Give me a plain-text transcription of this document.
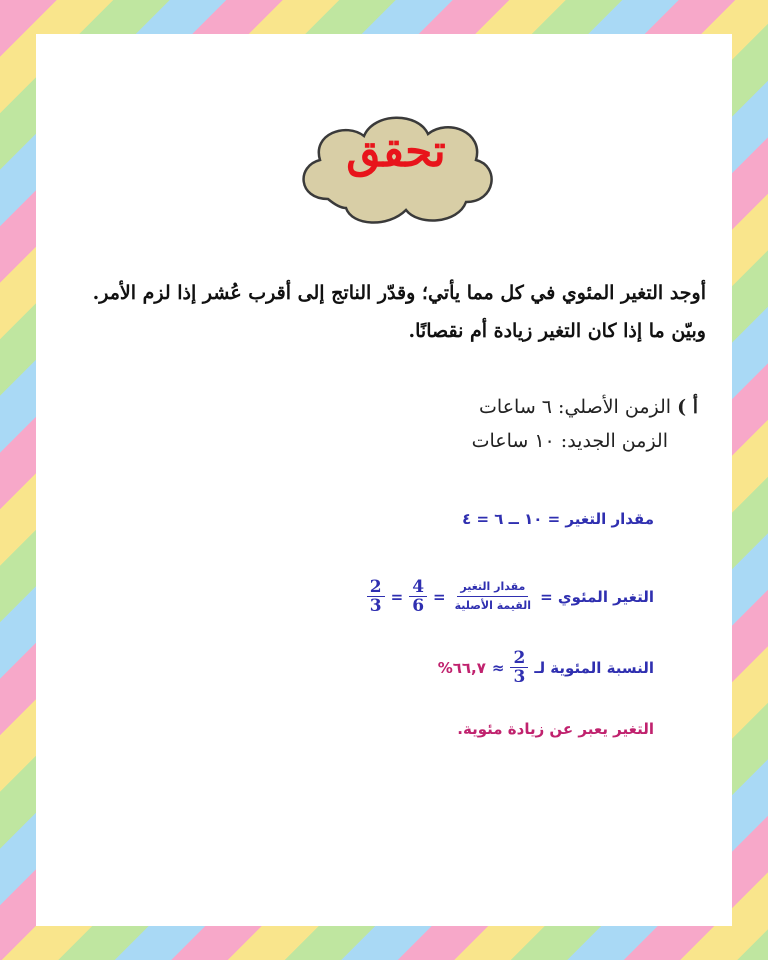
تحقق
أوجد التغير المئوي في كل مما يأتي؛ وقدّر الناتج إلى أقرب عُشر إذا لزم الأمر.
وبيّن ما إذا كان التغير زيادة أم نقصانًا.
أ ) الزمن الأصلي: ٦ ساعات
الزمن الجديد: ١٠ ساعات
مقدار التغير = ١٠ ــ ٦ = ٤
التغير المئوي =
$\frac{\text{مقدار التغير}}{\text{القيمة الأصلية}}$
=
$\frac{4}{6}$
=
$\frac{2}{3}$
النسبة المئوية لـ
$\frac{2}{3}$
≈
٦٦,٧%
التغير يعبر عن زيادة مئوية.
